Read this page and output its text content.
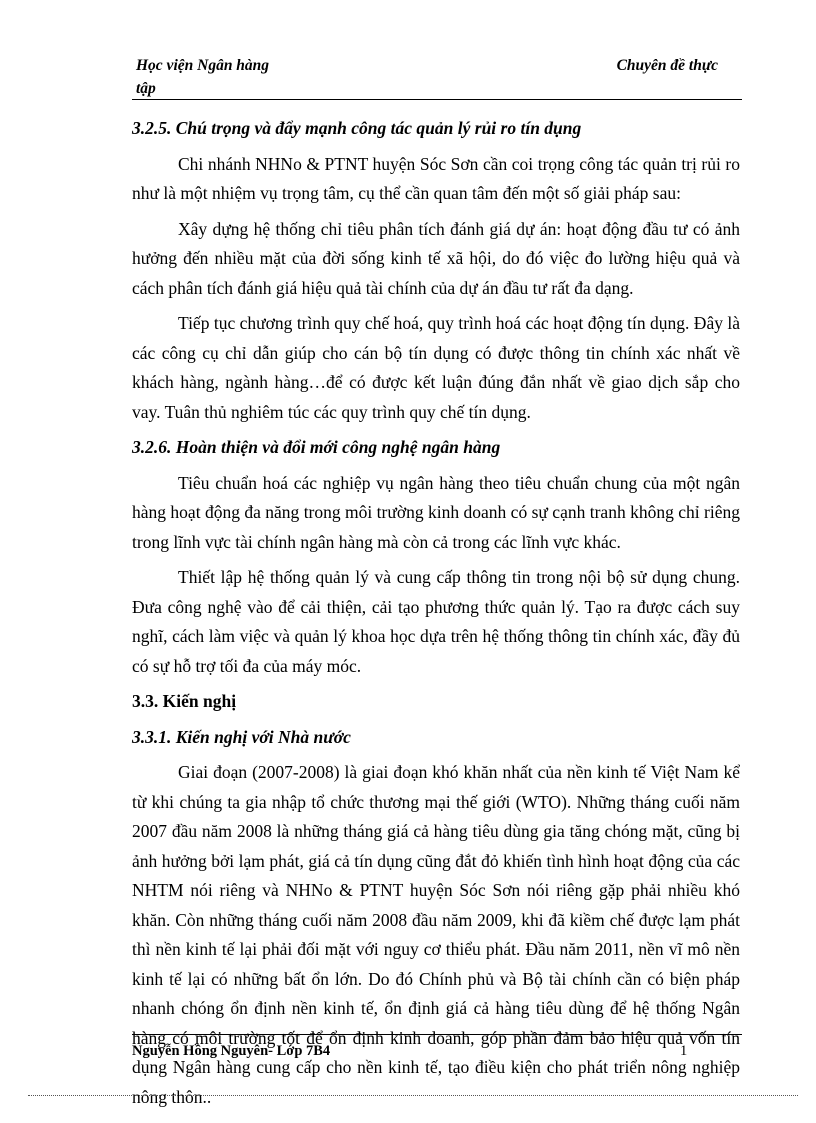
Học viện Ngân hàng
tập
Chuyên đề thực
3.2.5. Chú trọng và đẩy mạnh công tác quản lý rủi ro tín dụng

Chi nhánh NHNo & PTNT huyện Sóc Sơn cần coi trọng công tác quản trị rủi ro như là một nhiệm vụ trọng tâm, cụ thể cần quan tâm đến một số giải pháp sau:

Xây dựng hệ thống chỉ tiêu phân tích đánh giá dự án: hoạt động đầu tư có ảnh hưởng đến nhiều mặt của đời sống kinh tế xã hội, do đó việc đo lường hiệu quả và cách phân tích đánh giá hiệu quả tài chính của dự án đầu tư rất đa dạng.

Tiếp tục chương trình quy chế hoá, quy trình hoá các hoạt động tín dụng. Đây là các công cụ chỉ dẫn giúp cho cán bộ tín dụng có được thông tin chính xác nhất về khách hàng, ngành hàng…để có được kết luận đúng đắn nhất về giao dịch sắp cho vay. Tuân thủ nghiêm túc các quy trình quy chế tín dụng.

3.2.6. Hoàn thiện và đổi mới công nghệ ngân hàng

Tiêu chuẩn hoá các nghiệp vụ ngân hàng theo tiêu chuẩn chung của một ngân hàng hoạt động đa năng trong môi trường kinh doanh có sự cạnh tranh không chỉ riêng trong lĩnh vực tài chính ngân hàng mà còn cả trong các lĩnh vực khác.

Thiết lập hệ thống quản lý và cung cấp thông tin trong nội bộ sử dụng chung. Đưa công nghệ vào để cải thiện, cải tạo phương thức quản lý. Tạo ra được cách suy nghĩ, cách làm việc và quản lý khoa học dựa trên hệ thống thông tin chính xác, đầy đủ có sự hỗ trợ tối đa của máy móc.

3.3. Kiến nghị
3.3.1. Kiến nghị với Nhà nước

Giai đoạn (2007-2008) là giai đoạn khó khăn nhất của nền kinh tế Việt Nam kể từ khi chúng ta gia nhập tổ chức thương mại thế giới (WTO). Những tháng cuối năm 2007 đầu năm 2008 là những tháng giá cả hàng tiêu dùng gia tăng chóng mặt, cũng bị ảnh hưởng bởi lạm phát, giá cả tín dụng cũng đắt đỏ khiến tình hình hoạt động của các NHTM nói riêng và NHNo & PTNT huyện Sóc Sơn nói riêng gặp phải nhiều khó khăn. Còn những tháng cuối năm 2008 đầu năm 2009, khi đã kiềm chế được lạm phát thì nền kinh tế lại phải đối mặt với nguy cơ thiểu phát. Đầu năm 2011, nền vĩ mô nền kinh tế lại có những bất ổn lớn. Do đó Chính phủ và Bộ tài chính cần có biện pháp nhanh chóng ổn định nền kinh tế, ổn định giá cả hàng tiêu dùng để hệ thống Ngân hàng có môi trường tốt để ổn định kinh doanh, góp phần đảm bảo hiệu quả vốn tín dụng Ngân hàng cung cấp cho nền kinh tế, tạo điều kiện cho phát triển nông nghiệp nông thôn..

Nguyễn Hồng Nguyên- Lớp 7B4	1
